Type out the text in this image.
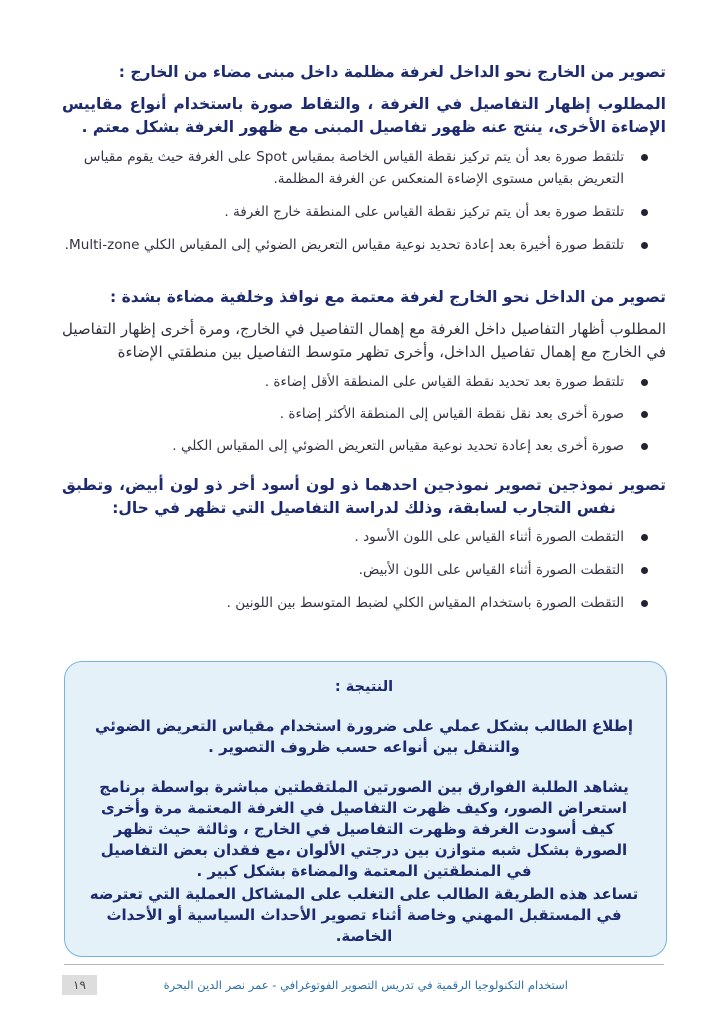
تصوير من الخارج نحو الداخل لغرفة مظلمة داخل مبنى مضاء من الخارج :
المطلوب إظهار التفاصيل في الغرفة ، والتقاط صورة باستخدام أنواع مقاييس الإضاءة الأخرى، ينتج عنه ظهور تفاصيل المبنى مع ظهور الغرفة بشكل معتم .
تلتقط صورة بعد أن يتم تركيز نقطة القياس الخاصة بمقياس Spot على الغرفة حيث يقوم مقياس التعريض بقياس مستوى الإضاءة المنعكس عن الغرفة المظلمة.
تلتقط صورة بعد أن يتم تركيز نقطة القياس على المنطقة خارج الغرفة .
تلتقط صورة أخيرة بعد إعادة تحديد نوعية مقياس التعريض الضوئي إلى المقياس الكلي Multi-zone.
تصوير من الداخل نحو الخارج لغرفة معتمة مع نوافذ وخلفية مضاءة بشدة :
المطلوب أظهار التفاصيل داخل الغرفة مع إهمال التفاصيل في الخارج، ومرة أخرى إظهار التفاصيل في الخارج مع إهمال تفاصيل الداخل، وأخرى تظهر متوسط التفاصيل بين منطقتي الإضاءة
تلتقط صورة بعد تحديد نقطة القياس على المنطقة الأقل إضاءة .
صورة أخرى بعد نقل نقطة القياس إلى المنطقة الأكثر إضاءة .
صورة أخرى بعد إعادة تحديد نوعية مقياس التعريض الضوئي إلى المقياس الكلي .
تصوير نموذجين تصوير نموذجين احدهما ذو لون أسود أخر ذو لون أبيض، وتطبق نفس التجارب لسابقة، وذلك لدراسة التفاصيل التي تظهر في حال:
التقطت الصورة أثناء القياس على اللون الأسود .
التقطت الصورة أثناء القياس على اللون الأبيض.
التقطت الصورة باستخدام المقياس الكلي لضبط المتوسط بين اللونين .
النتيجة :
إطلاع الطالب بشكل عملي على ضرورة استخدام مقياس التعريض الضوئي والتنقل بين أنواعه حسب ظروف التصوير .
يشاهد الطلبة الفوارق بين الصورتين الملتقطتين مباشرة بواسطة برنامج استعراض الصور، وكيف ظهرت التفاصيل في الغرفة المعتمة مرة وأخرى كيف أسودت الغرفة وظهرت التفاصيل في الخارج ، وثالثة حيث تظهر الصورة بشكل شبه متوازن بين درجتي الألوان ،مع فقدان بعض التفاصيل في المنطقتين المعتمة والمضاءة بشكل كبير .
تساعد هذه الطريقة الطالب على التغلب على المشاكل العملية التي تعترضه في المستقبل المهني وخاصة أثناء تصوير الأحداث السياسية أو الأحداث الخاصة.
١٩	استخدام التكنولوجيا الرقمية في تدريس التصوير الفوتوغرافي - عمر نصر الدين البحرة
